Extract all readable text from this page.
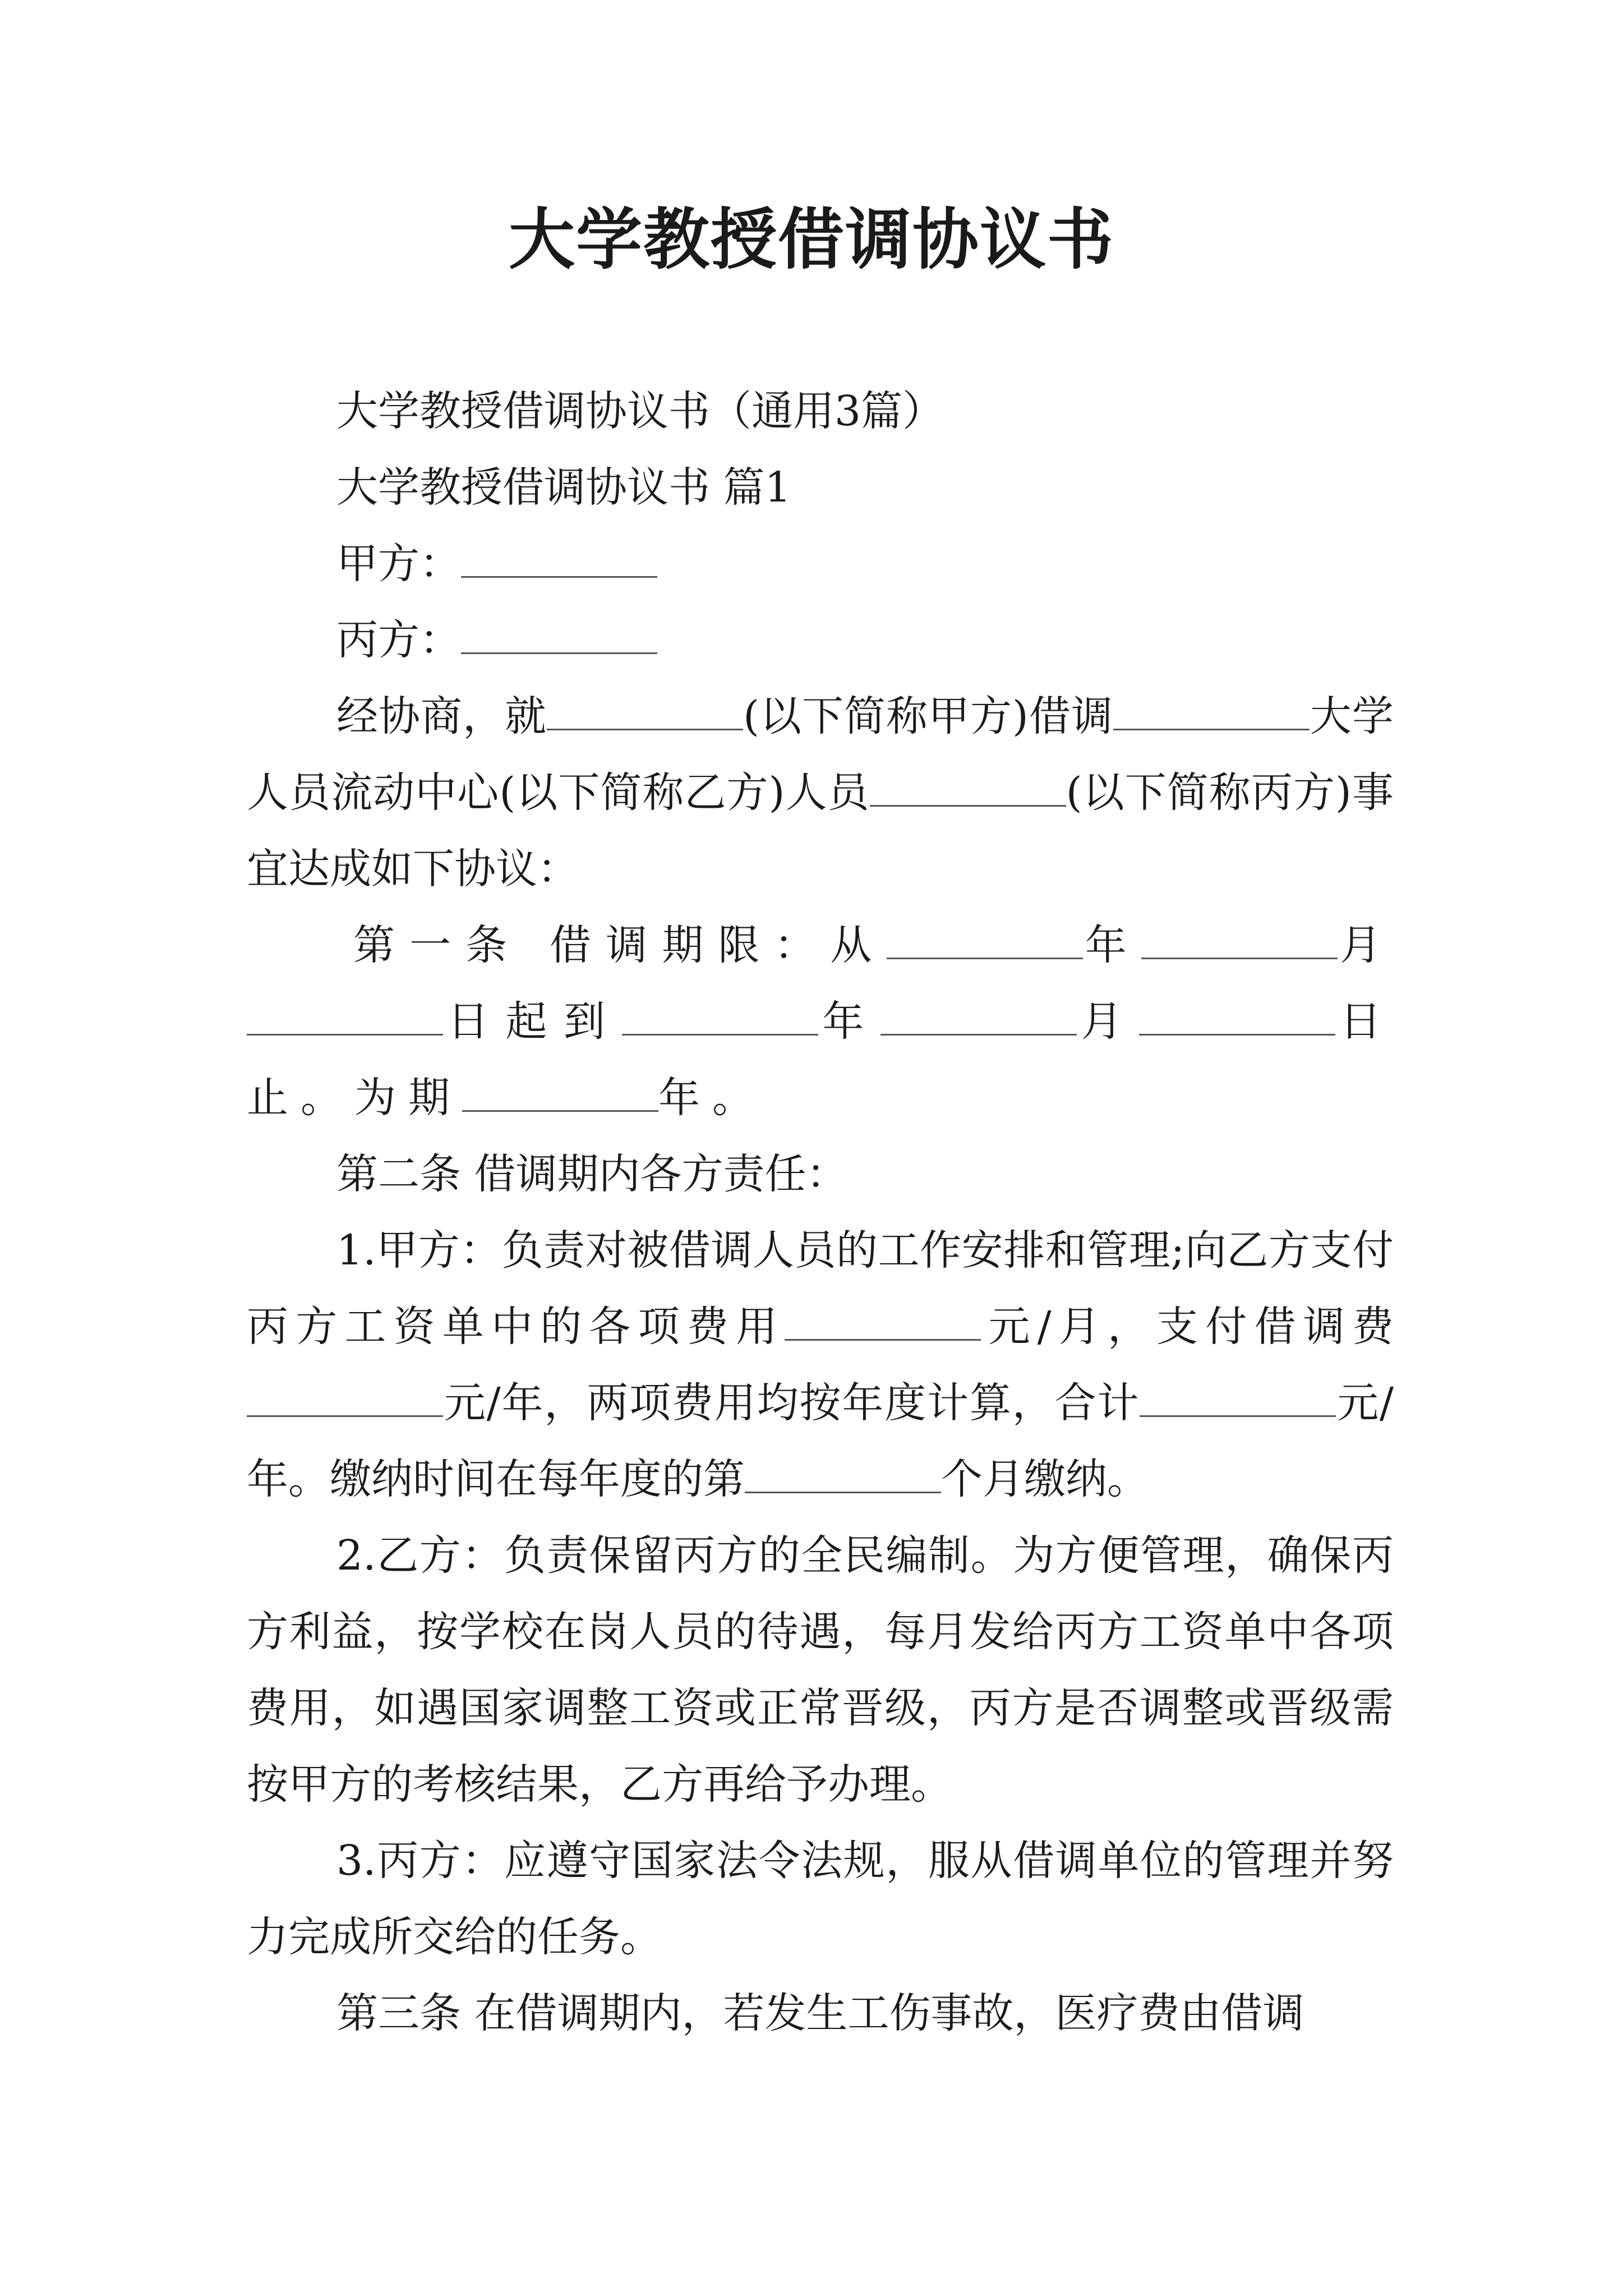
大学教授借调协议书

大学教授借调协议书（通用3篇）

大学教授借调协议书 篇1

甲方：

丙方：

经协商，就	(以下简称甲方)借调	大学人员流动中心(以下简称乙方)人员	(以下简称丙方)事宜达成如下协议：

第一条 借调期限：从	年	月日起到	年	月	日止。为期	年。

第二条 借调期内各方责任：

1.甲方：负责对被借调人员的工作安排和管理;向乙方支付丙方工资单中的各项费用	元/月，支付借调费元/年，两项费用均按年度计算，合计	元/年。缴纳时间在每年度的第	个月缴纳。

2.乙方：负责保留丙方的全民编制。为方便管理，确保丙方利益，按学校在岗人员的待遇，每月发给丙方工资单中各项费用，如遇国家调整工资或正常晋级，丙方是否调整或晋级需按甲方的考核结果，乙方再给予办理。

3.丙方：应遵守国家法令法规，服从借调单位的管理并努力完成所交给的任务。

第三条 在借调期内，若发生工伤事故，医疗费由借调
